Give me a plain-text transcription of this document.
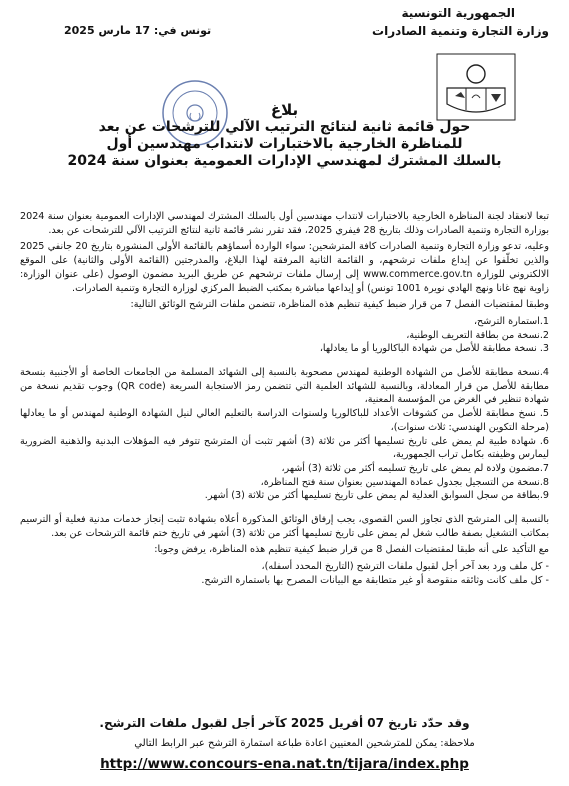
الجمهورية التونسية
وزارة التجارة وتنمية الصادرات
تونس في: 17 مارس 2025
بلاغ
حول قائمة ثانية لنتائج الترتيب الآلي للترشحات عن بعد
للمناظرة الخارجية بالاختبارات لانتداب مهندسين أول
بالسلك المشترك لمهندسي الإدارات العمومية بعنوان سنة 2024

تبعا لانعقاد لجنة المناظرة الخارجية بالاختبارات لانتداب مهندسين أول بالسلك المشترك لمهندسي الإدارات العمومية بعنوان سنة 2024 بوزارة التجارة وتنمية الصادرات وذلك بتاريخ 28 فيفري 2025، فقد تقرر نشر قائمة ثانية لنتائج الترتيب الآلي للترشحات عن بعد.

وعليه، تدعو وزارة التجارة وتنمية الصادرات كافة المترشحين: سواء الواردة أسماؤهم بالقائمة الأولى المنشورة بتاريخ 20 جانفي 2025 والذين تخلّفوا عن إيداع ملفات ترشحهم، و القائمة الثانية المرفقة لهذا البلاغ، والمدرجتين (القائمة الأولى والثانية) على الموقع الالكتروني للوزارة www.commerce.gov.tn إلى إرسال ملفات ترشحهم عن طريق البريد مضمون الوصول (على عنوان الوزارة: زاوية نهج غانا ونهج الهادي نويرة 1001 تونس) أو إيداعها مباشرة بمكتب الضبط المركزي لوزارة التجارة وتنمية الصادرات.

وطبقا لمقتضيات الفصل 7 من قرار ضبط كيفية تنظيم هذه المناظرة، تتضمن ملفات الترشح الوثائق التالية:

1.استمارة الترشح،
2.نسخة من بطاقة التعريف الوطنية،
3. نسخة مطابقة للأصل من شهادة الباكالوريا أو ما يعادلها،
4.نسخة مطابقة للأصل من الشهادة الوطنية لمهندس مصحوبة بالنسبة إلى الشهائد المسلمة من الجامعات الخاصة أو الأجنبية بنسخة مطابقة للأصل من قرار المعادلة، وبالنسبة للشهائد العلمية التي تتضمن رمز الاستجابة السريعة (QR code) وجوب تقديم نسخة من شهادة تنظير في الغرض من المؤسسة المعنية،
5. نسخ مطابقة للأصل من كشوفات الأعداد للباكالوريا ولسنوات الدراسة بالتعليم العالي لنيل الشهادة الوطنية لمهندس أو ما يعادلها (مرحلة التكوين الهندسي: ثلاث سنوات)،
6. شهادة طبية لم يمض على تاريخ تسليمها أكثر من ثلاثة (3) أشهر تثبت أن المترشح تتوفر فيه المؤهلات البدنية والذهنية الضرورية ليمارس وظيفته بكامل تراب الجمهورية،
7.مضمون ولادة لم يمض على تاريخ تسليمه أكثر من ثلاثة (3) أشهر،
8.نسخة من التسجيل بجدول عمادة المهندسين بعنوان سنة فتح المناظرة،
9.بطاقة من سجل السوابق العدلية لم يمض على تاريخ تسليمها أكثر من ثلاثة (3) أشهر.

بالنسبة إلى المترشح الذي تجاوز السن القصوى، يجب إرفاق الوثائق المذكورة أعلاه بشهادة تثبت إنجاز خدمات مدنية فعلية أو الترسيم بمكاتب التشغيل بصفة طالب شغل لم يمض على تاريخ تسليمها أكثر من ثلاثة (3) أشهر في تاريخ ختم قائمة الترشحات عن بعد.

مع التأكيد على أنه طبقا لمقتضيات الفصل 8 من قرار ضبط كيفية تنظيم هذه المناظرة، يرفض وجوبا:

- كل ملف ورد بعد آخر أجل لقبول ملفات الترشح (التاريخ المحدد أسفله)،
- كل ملف كانت وثائقه منقوصة أو غير متطابقة مع البيانات المصرح بها باستمارة الترشح.
وقد حدّد تاريخ 07 أفريل 2025 كآخر أجل لقبول ملفات الترشح.
ملاحظة: يمكن للمترشحين المعنيين اعادة طباعة استمارة الترشح عبر الرابط التالي
http://www.concours-ena.nat.tn/tijara/index.php
